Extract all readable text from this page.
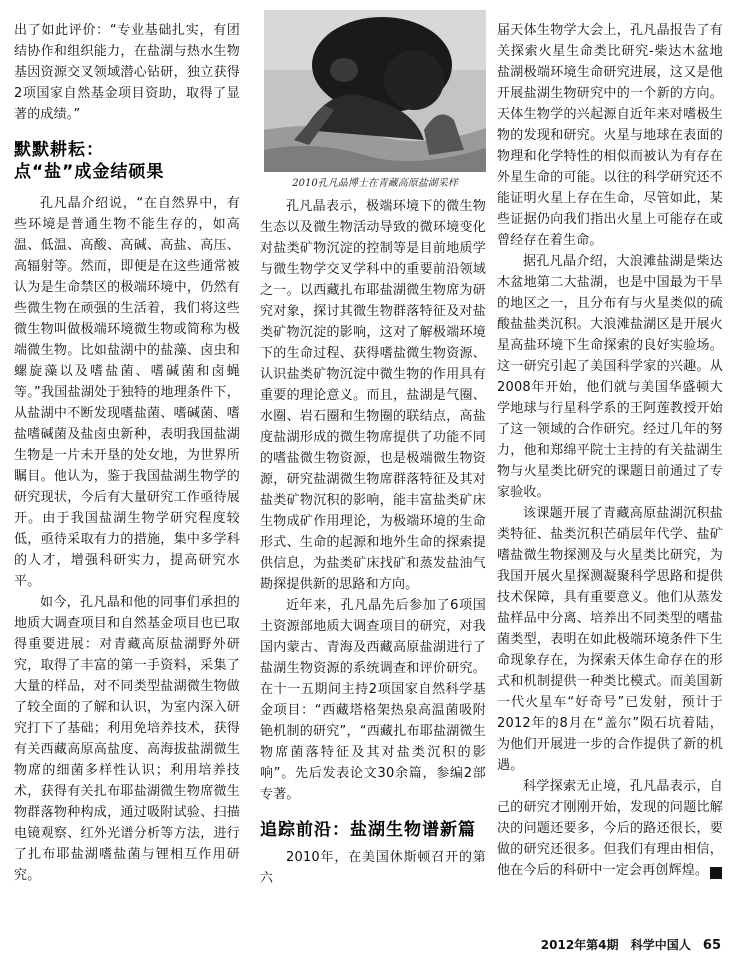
2010孔凡晶博士在青藏高原盐湖采样

出了如此评价：“专业基础扎实，有团结协作和组织能力，在盐湖与热水生物基因资源交叉领域潜心钻研，独立获得2项国家自然基金项目资助，取得了显著的成绩。”

默默耕耘：
点“盐”成金结硕果

孔凡晶介绍说，“在自然界中，有些环境是普通生物不能生存的，如高温、低温、高酸、高碱、高盐、高压、高辐射等。然而，即便是在这些通常被认为是生命禁区的极端环境中，仍然有些微生物在顽强的生活着，我们将这些微生物叫做极端环境微生物或简称为极端微生物。比如盐湖中的盐藻、卤虫和螺旋藻以及嗜盐菌、嗜碱菌和卤蝇等。”我国盐湖处于独特的地理条件下，从盐湖中不断发现嗜盐菌、嗜碱菌、嗜盐嗜碱菌及盐卤虫新种，表明我国盐湖生物是一片未开垦的处女地，为世界所瞩目。他认为，鉴于我国盐湖生物学的研究现状，今后有大量研究工作亟待展开。由于我国盐湖生物学研究程度较低，亟待采取有力的措施，集中多学科的人才，增强科研实力，提高研究水平。

如今，孔凡晶和他的同事们承担的地质大调查项目和自然基金项目也已取得重要进展：对青藏高原盐湖野外研究，取得了丰富的第一手资料，采集了大量的样品，对不同类型盐湖微生物做了较全面的了解和认识，为室内深入研究打下了基础；利用免培养技术，获得有关西藏高原高盐度、高海拔盐湖微生物席的细菌多样性认识；利用培养技术，获得有关扎布耶盐湖微生物席微生物群落物种构成，通过吸附试验、扫描电镜观察、红外光谱分析等方法，进行了扎布耶盐湖嗜盐菌与锂相互作用研究。

孔凡晶表示，极端环境下的微生物生态以及微生物活动导致的微环境变化对盐类矿物沉淀的控制等是目前地质学与微生物学交叉学科中的重要前沿领域之一。以西藏扎布耶盐湖微生物席为研究对象，探讨其微生物群落特征及对盐类矿物沉淀的影响，这对了解极端环境下的生命过程、获得嗜盐微生物资源、认识盐类矿物沉淀中微生物的作用具有重要的理论意义。而且，盐湖是气圈、水圈、岩石圈和生物圈的联结点，高盐度盐湖形成的微生物席提供了功能不同的嗜盐微生物资源，也是极端微生物资源，研究盐湖微生物席群落特征及其对盐类矿物沉积的影响，能丰富盐类矿床生物成矿作用理论，为极端环境的生命形式、生命的起源和地外生命的探索提供信息，为盐类矿床找矿和蒸发盐油气勘探提供新的思路和方向。

近年来，孔凡晶先后参加了6项国土资源部地质大调查项目的研究，对我国内蒙古、青海及西藏高原盐湖进行了盐湖生物资源的系统调查和评价研究。在十一五期间主持2项国家自然科学基金项目：“西藏塔格架热泉高温菌吸附铯机制的研究”，“西藏扎布耶盐湖微生物席菌落特征及其对盐类沉积的影响”。先后发表论文30余篇，参编2部专著。

追踪前沿：盐湖生物谱新篇

2010年，在美国休斯顿召开的第六

届天体生物学大会上，孔凡晶报告了有关探索火星生命类比研究-柴达木盆地盐湖极端环境生命研究进展，这又是他开展盐湖生物研究中的一个新的方向。天体生物学的兴起源自近年来对嗜极生物的发现和研究。火星与地球在表面的物理和化学特性的相似而被认为有存在外星生命的可能。以往的科学研究还不能证明火星上存在生命，尽管如此，某些证据仍向我们指出火星上可能存在或曾经存在着生命。

据孔凡晶介绍，大浪滩盐湖是柴达木盆地第二大盐湖，也是中国最为干旱的地区之一，且分布有与火星类似的硫酸盐盐类沉积。大浪滩盐湖区是开展火星高盐环境下生命探索的良好实验场。这一研究引起了美国科学家的兴趣。从2008年开始，他们就与美国华盛顿大学地球与行星科学系的王阿莲教授开始了这一领域的合作研究。经过几年的努力，他和郑绵平院士主持的有关盐湖生物与火星类比研究的课题日前通过了专家验收。

该课题开展了青藏高原盐湖沉积盐类特征、盐类沉积芒硝层年代学、盐矿嗜盐微生物探测及与火星类比研究，为我国开展火星探测凝聚科学思路和提供技术保障，具有重要意义。他们从蒸发盐样品中分离、培养出不同类型的嗜盐菌类型，表明在如此极端环境条件下生命现象存在，为探索天体生命存在的形式和机制提供一种类比模式。而美国新一代火星车“好奇号”已发射，预计于2012年的8月在“盖尔”陨石坑着陆，为他们开展进一步的合作提供了新的机遇。

科学探索无止境，孔凡晶表示，自己的研究才刚刚开始，发现的问题比解决的问题还要多，今后的路还很长，要做的研究还很多。但我们有理由相信，他在今后的科研中一定会再创辉煌。	囧

2012年第4期 科学中国人 65
